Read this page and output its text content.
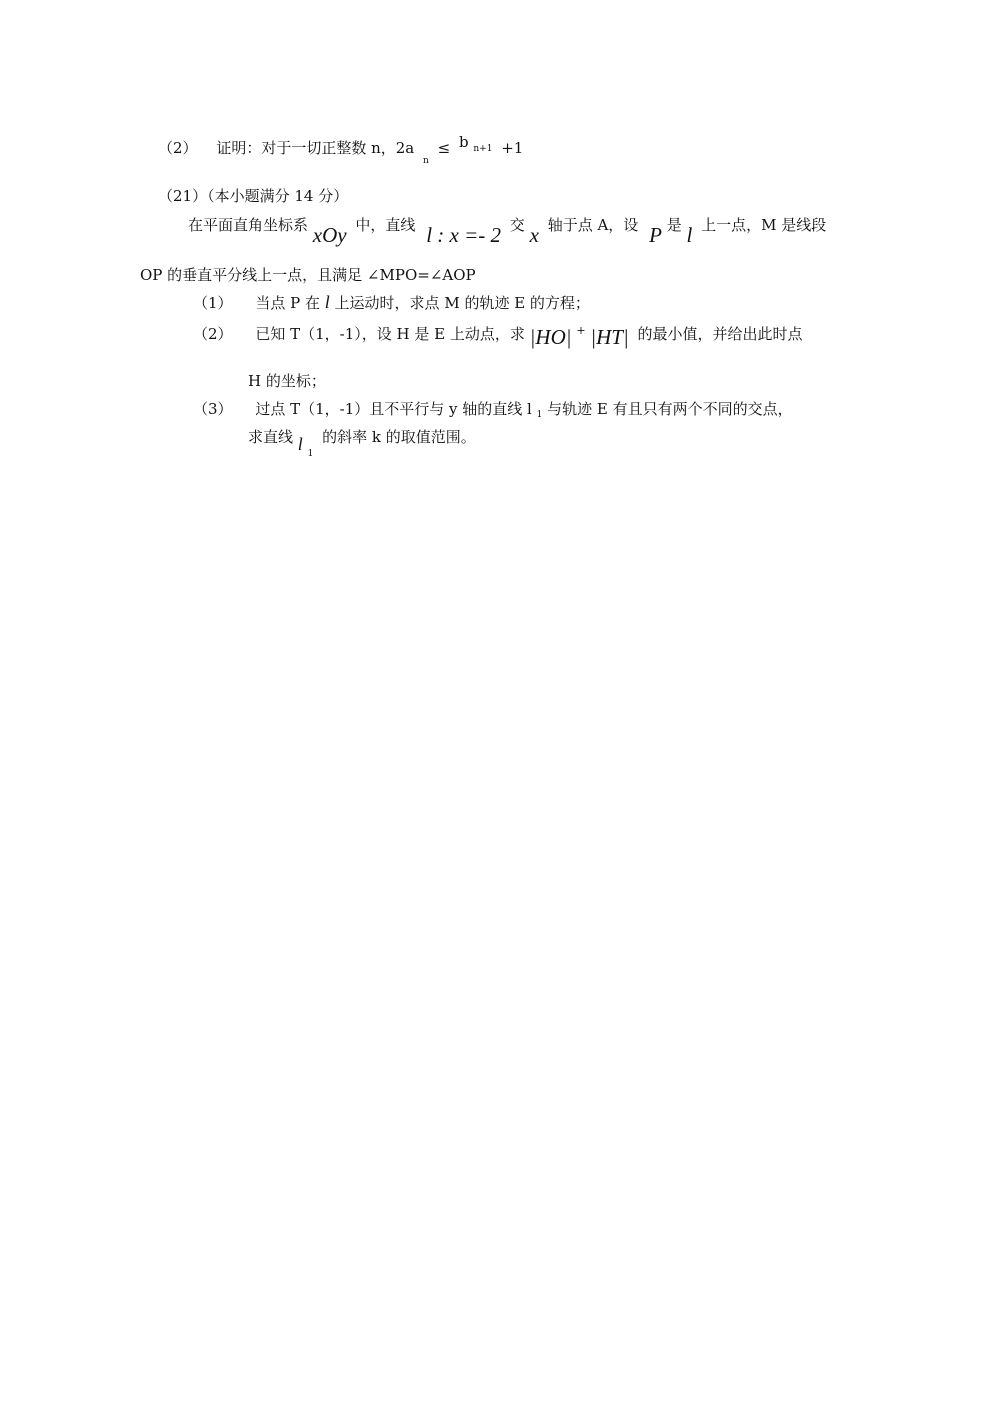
（2） 证明：对于一切正整数 n，2a $_n$ ≤ b n+1 +1
（21）（本小题满分 14 分）
在平面直角坐标系 xOy 中，直线 l : x =- 2 交 x 轴于点 A，设 P 是 l 上一点，M 是线段
OP 的垂直平分线上一点，且满足 ∠MPO=∠AOP
（1） 当点 P 在 l 上运动时，求点 M 的轨迹 E 的方程；
（2） 已知 T（1，-1），设 H 是 E 上动点，求 |HO| + |HT| 的最小值，并给出此时点
H 的坐标；
（3） 过点 T（1，-1）且不平行与 y 轴的直线 l $_1$ 与轨迹 E 有且只有两个不同的交点，
求直线 l $_1$ 的斜率 k 的取值范围。
